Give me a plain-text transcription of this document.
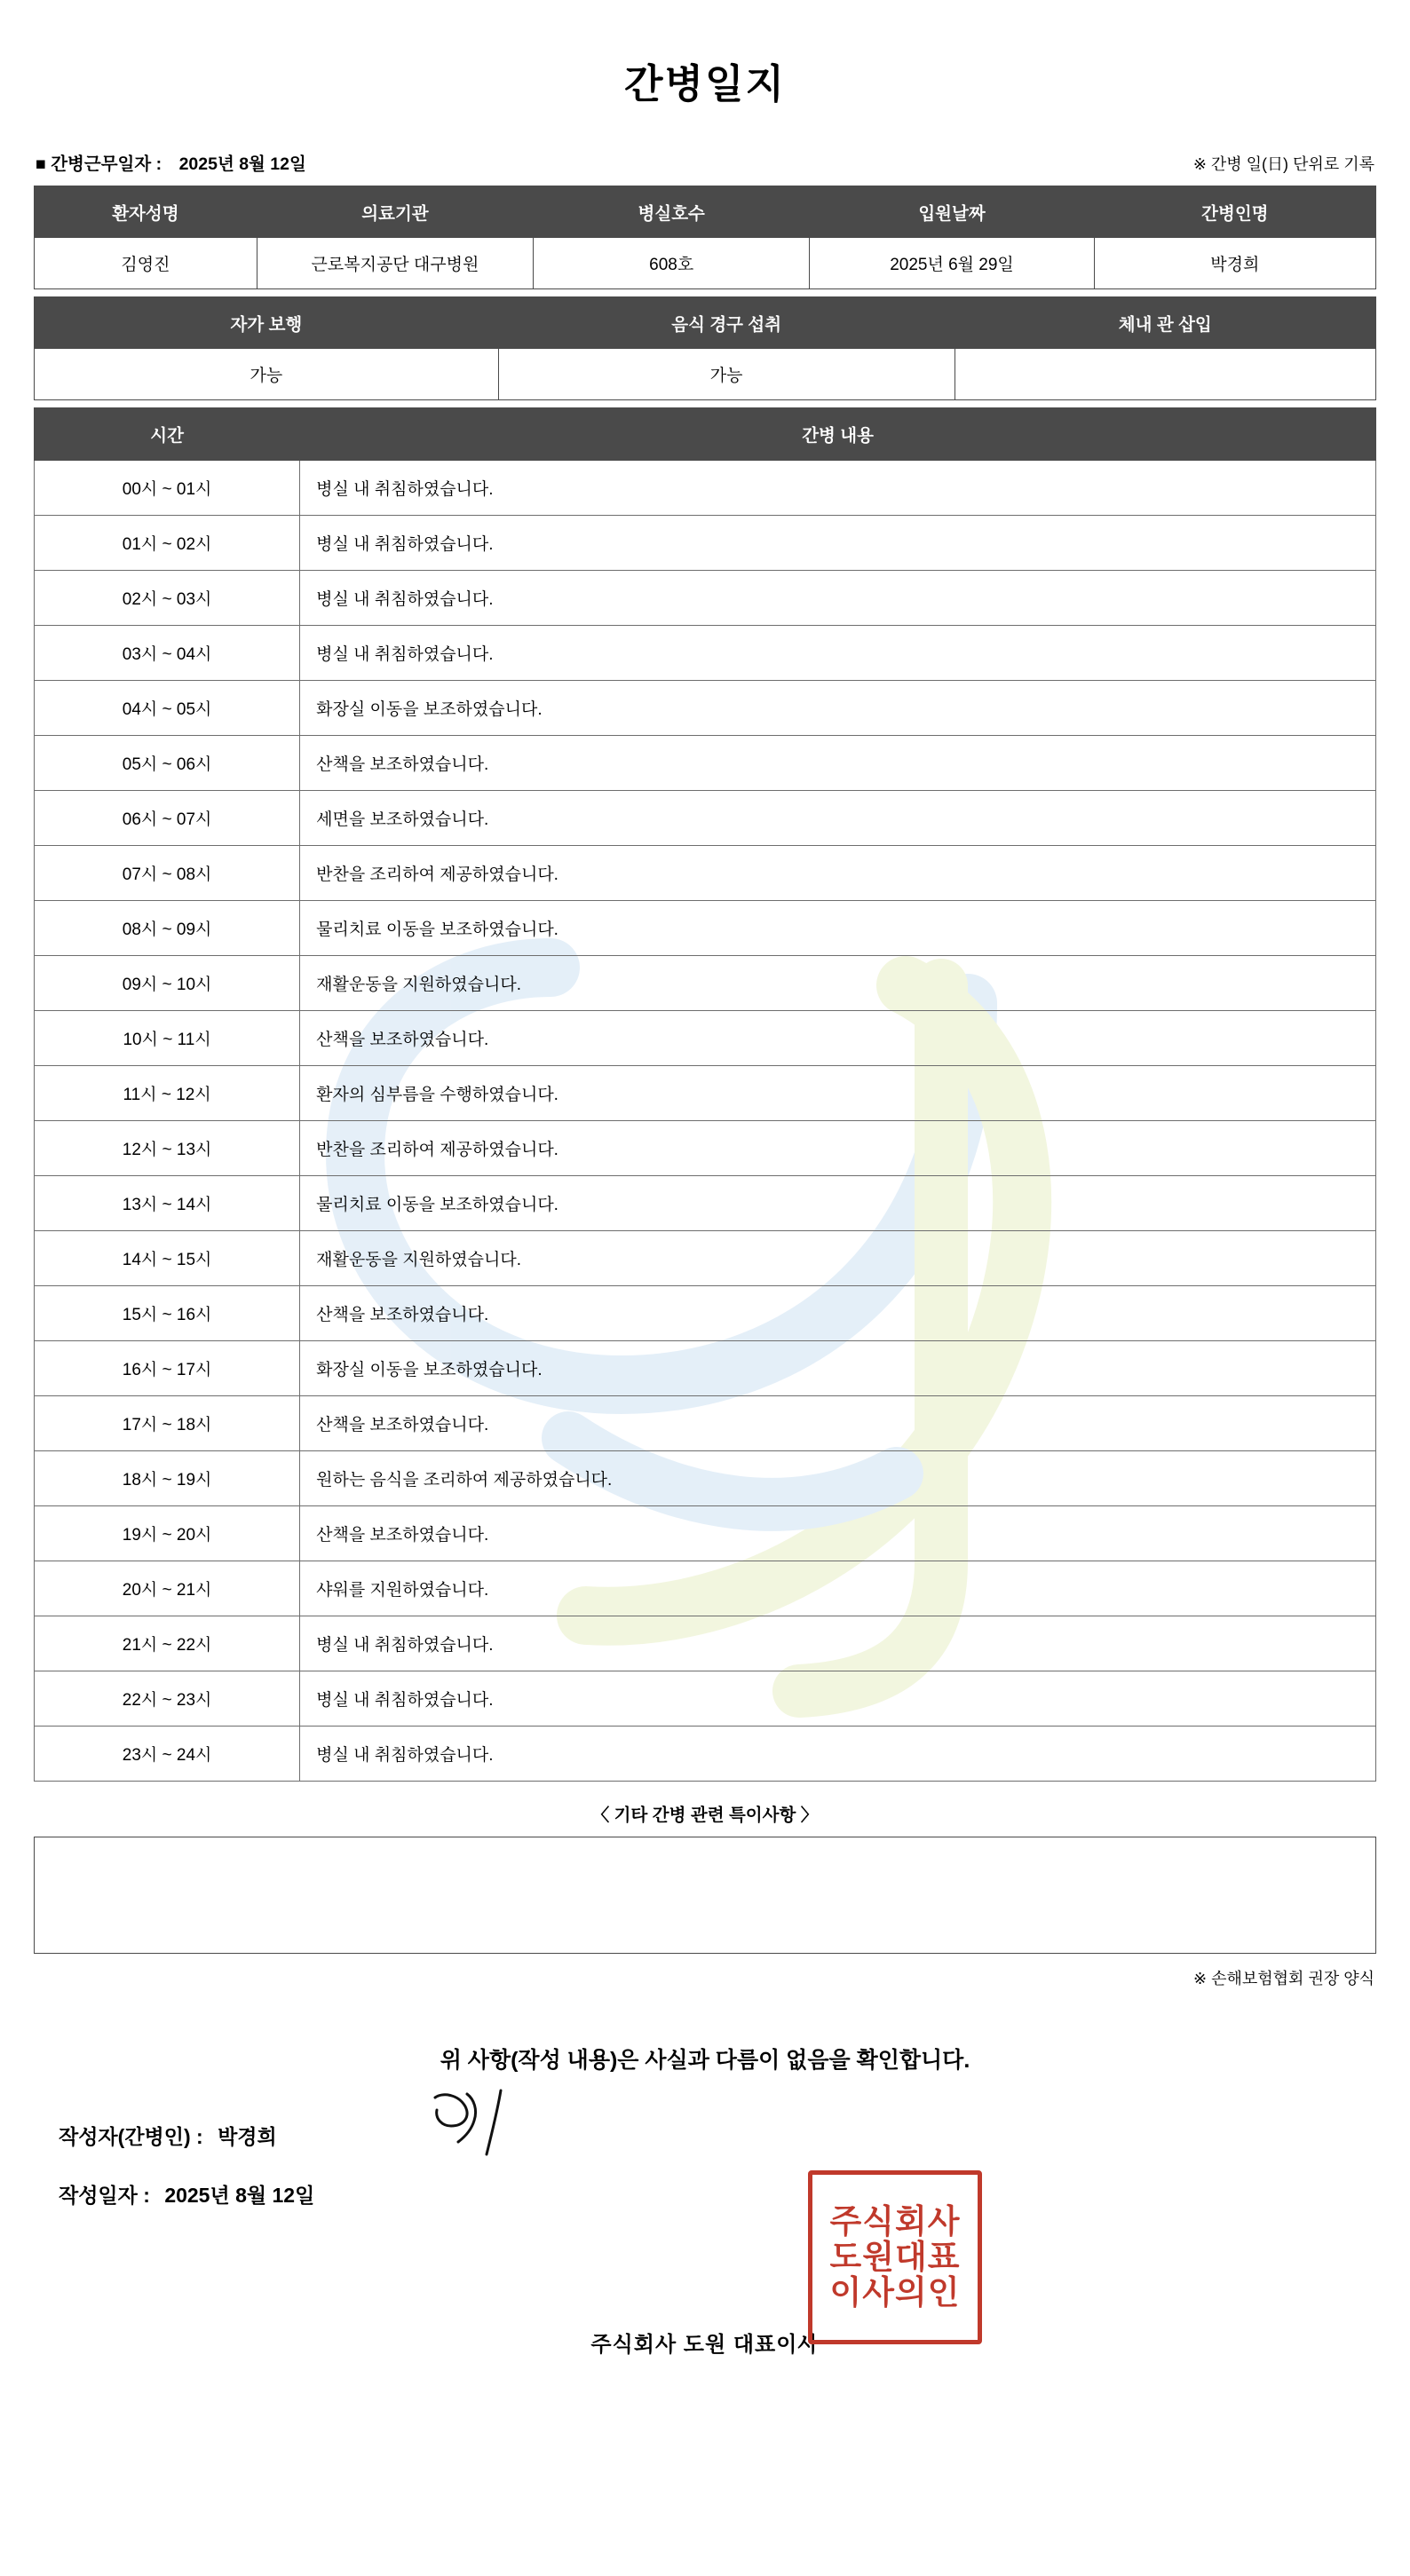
간병일지
■ 간병근무일자 : 2025년 8월 12일	※ 간병 일(日) 단위로 기록
환자성명	의료기관	병실호수	입원날짜	간병인명
김영진	근로복지공단 대구병원	608호	2025년 6월 29일	박경희
자가 보행	음식 경구 섭취	체내 관 삽입
가능	가능	
시간	간병 내용
00시 ~ 01시	병실 내 취침하였습니다.
01시 ~ 02시	병실 내 취침하였습니다.
02시 ~ 03시	병실 내 취침하였습니다.
03시 ~ 04시	병실 내 취침하였습니다.
04시 ~ 05시	화장실 이동을 보조하였습니다.
05시 ~ 06시	산책을 보조하였습니다.
06시 ~ 07시	세면을 보조하였습니다.
07시 ~ 08시	반찬을 조리하여 제공하였습니다.
08시 ~ 09시	물리치료 이동을 보조하였습니다.
09시 ~ 10시	재활운동을 지원하였습니다.
10시 ~ 11시	산책을 보조하였습니다.
11시 ~ 12시	환자의 심부름을 수행하였습니다.
12시 ~ 13시	반찬을 조리하여 제공하였습니다.
13시 ~ 14시	물리치료 이동을 보조하였습니다.
14시 ~ 15시	재활운동을 지원하였습니다.
15시 ~ 16시	산책을 보조하였습니다.
16시 ~ 17시	화장실 이동을 보조하였습니다.
17시 ~ 18시	산책을 보조하였습니다.
18시 ~ 19시	원하는 음식을 조리하여 제공하였습니다.
19시 ~ 20시	산책을 보조하였습니다.
20시 ~ 21시	샤워를 지원하였습니다.
21시 ~ 22시	병실 내 취침하였습니다.
22시 ~ 23시	병실 내 취침하였습니다.
23시 ~ 24시	병실 내 취침하였습니다.
〈 기타 간병 관련 특이사항 〉
※ 손해보험협회 권장 양식
위 사항(작성 내용)은 사실과 다름이 없음을 확인합니다.
작성자(간병인) : 박경희
작성일자 : 2025년 8월 12일
주식회사 도원 대표이사
주식회사
도원대표
이사의인
